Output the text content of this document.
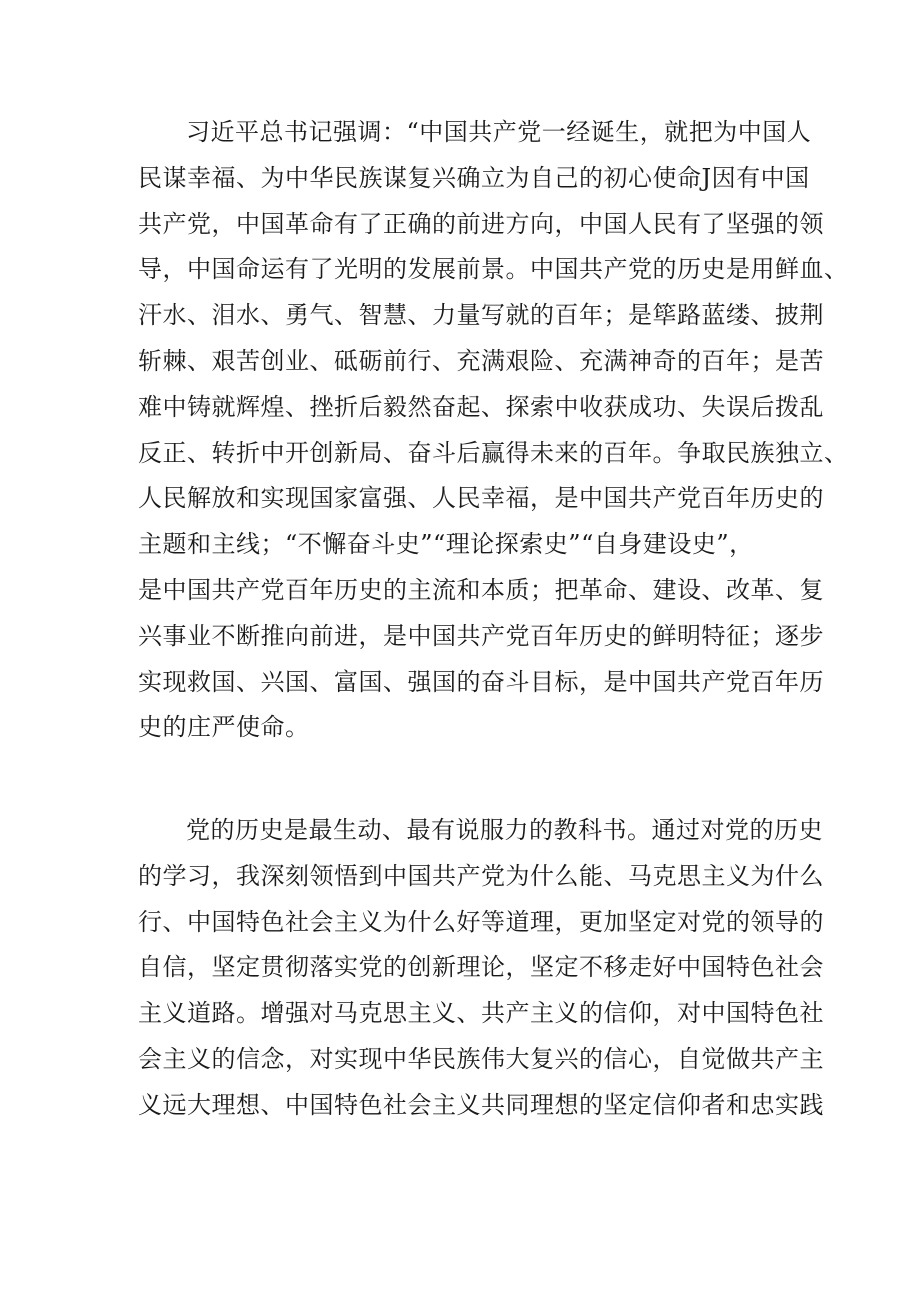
习近平总书记强调：“中国共产党一经诞生，就把为中国人
民谋幸福、为中华民族谋复兴确立为自己的初心使命J因有中国
共产党，中国革命有了正确的前进方向，中国人民有了坚强的领
导，中国命运有了光明的发展前景。中国共产党的历史是用鲜血、
汗水、泪水、勇气、智慧、力量写就的百年；是筚路蓝缕、披荆
斩棘、艰苦创业、砥砺前行、充满艰险、充满神奇的百年；是苦
难中铸就辉煌、挫折后毅然奋起、探索中收获成功、失误后拨乱
反正、转折中开创新局、奋斗后赢得未来的百年。争取民族独立、
人民解放和实现国家富强、人民幸福，是中国共产党百年历史的
主题和主线；“不懈奋斗史”“理论探索史”“自身建设史”，
是中国共产党百年历史的主流和本质；把革命、建设、改革、复
兴事业不断推向前进，是中国共产党百年历史的鲜明特征；逐步
实现救国、兴国、富国、强国的奋斗目标，是中国共产党百年历
史的庄严使命。
党的历史是最生动、最有说服力的教科书。通过对党的历史
的学习，我深刻领悟到中国共产党为什么能、马克思主义为什么
行、中国特色社会主义为什么好等道理，更加坚定对党的领导的
自信，坚定贯彻落实党的创新理论，坚定不移走好中国特色社会
主义道路。增强对马克思主义、共产主义的信仰，对中国特色社
会主义的信念，对实现中华民族伟大复兴的信心，自觉做共产主
义远大理想、中国特色社会主义共同理想的坚定信仰者和忠实践
